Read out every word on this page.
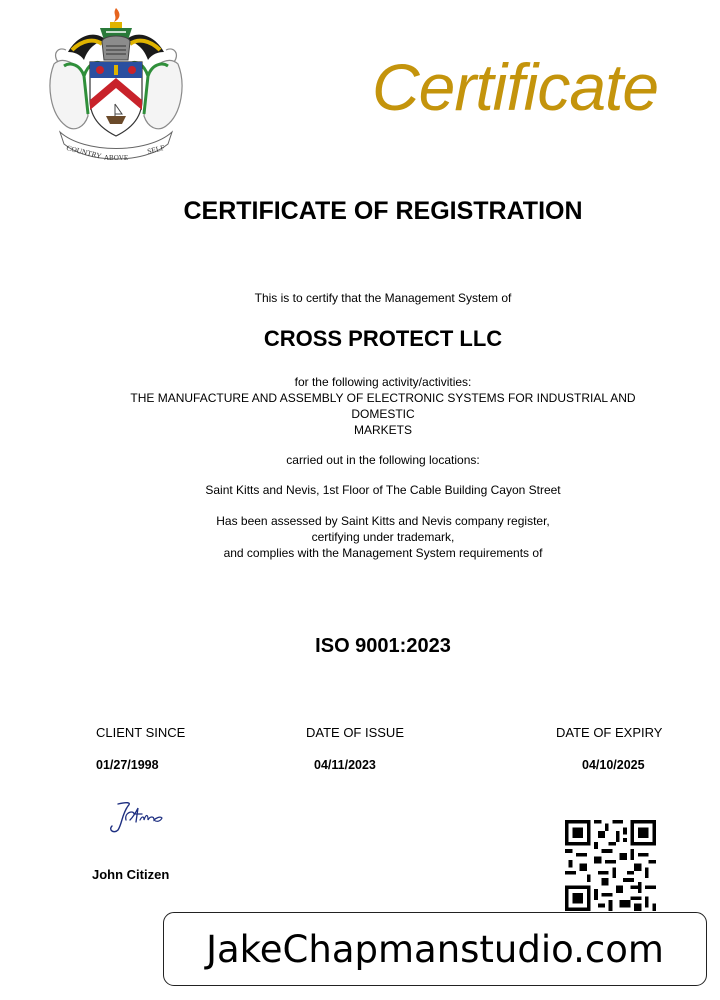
COUNTRY ABOVE
SELF
Certificate
CERTIFICATE OF REGISTRATION
This is to certify that the Management System of
CROSS PROTECT LLC
for the following activity/activities:
THE MANUFACTURE AND ASSEMBLY OF ELECTRONIC SYSTEMS FOR INDUSTRIAL AND
DOMESTIC
MARKETS
carried out in the following locations:
Saint Kitts and Nevis, 1st Floor of The Cable Building Cayon Street
Has been assessed by Saint Kitts and Nevis company register,
certifying under trademark,
and complies with the Management System requirements of
ISO 9001:2023
CLIENT SINCE
01/27/1998
DATE OF ISSUE
04/11/2023
DATE OF EXPIRY
04/10/2025
John Citizen
JakeChapmanstudio.com
